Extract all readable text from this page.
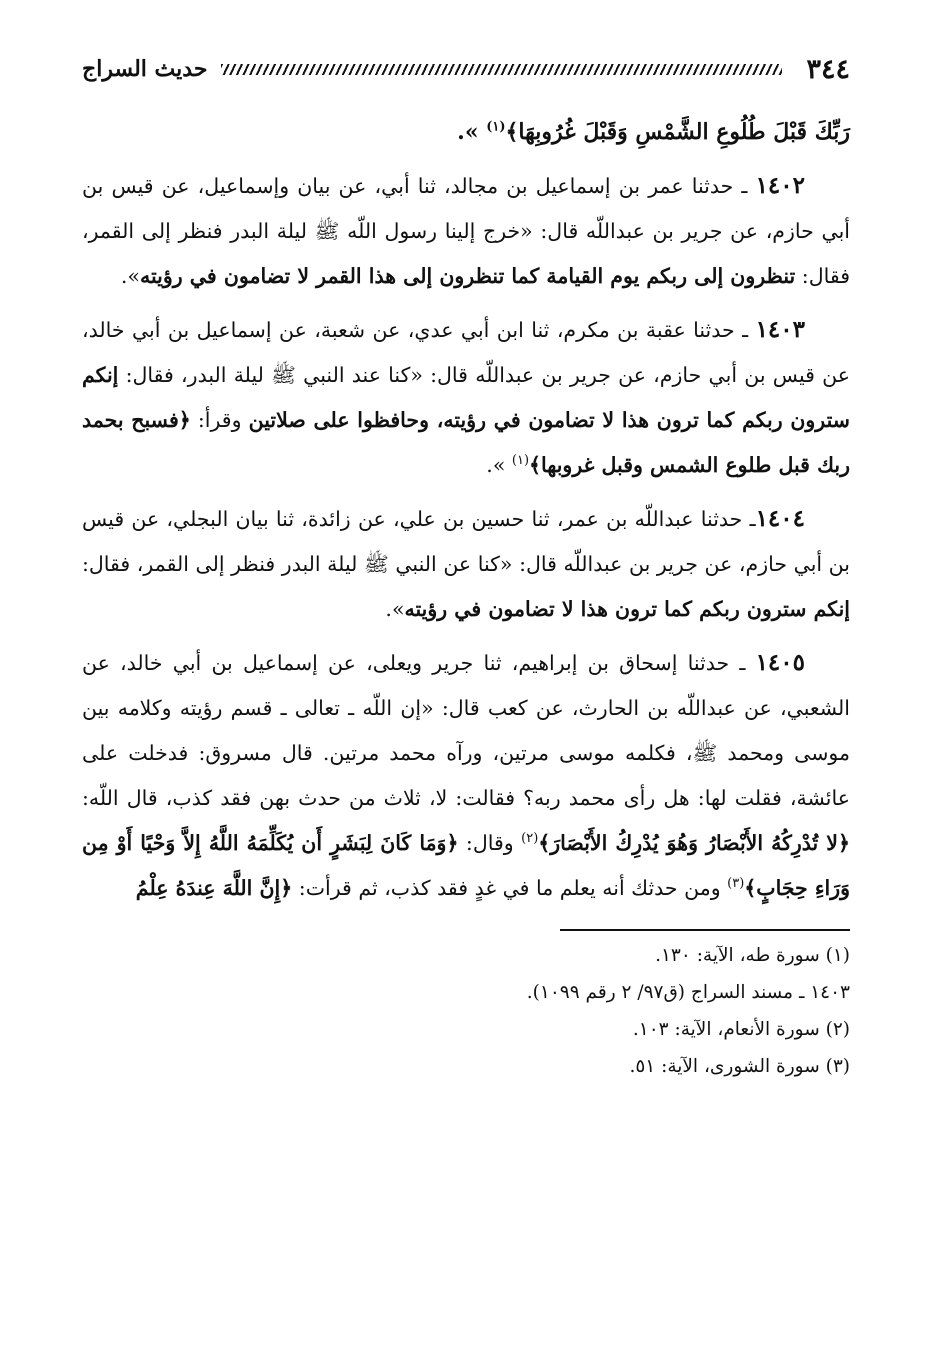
٣٤٤
حديث السراج

رَبِّكَ قَبْلَ طُلُوعِ الشَّمْسِ وَقَبْلَ غُرُوبِهَا﴾$^{(١)}$ ».

١٤٠٢ ـ حدثنا عمر بن إسماعيل بن مجالد، ثنا أبي، عن بيان وإسماعيل، عن قيس بن أبي حازم، عن جرير بن عبداللّه قال: «خرج إلينا رسول اللّه ﷺ ليلة البدر فنظر إلى القمر، فقال: تنظرون إلى ربكم يوم القيامة كما تنظرون إلى هذا القمر لا تضامون في رؤيته».

١٤٠٣ ـ حدثنا عقبة بن مكرم، ثنا ابن أبي عدي، عن شعبة، عن إسماعيل بن أبي خالد، عن قيس بن أبي حازم، عن جرير بن عبداللّه قال: «كنا عند النبي ﷺ ليلة البدر، فقال: إنكم سترون ربكم كما ترون هذا لا تضامون في رؤيته، وحافظوا على صلاتين وقرأ: ﴿فسبح بحمد ربك قبل طلوع الشمس وقبل غروبها﴾$^{(١)}$ ».

١٤٠٤ـ حدثنا عبداللّه بن عمر، ثنا حسين بن علي، عن زائدة، ثنا بيان البجلي، عن قيس بن أبي حازم، عن جرير بن عبداللّه قال: «كنا عن النبي ﷺ ليلة البدر فنظر إلى القمر، فقال: إنكم سترون ربكم كما ترون هذا لا تضامون في رؤيته».

١٤٠٥ ـ حدثنا إسحاق بن إبراهيم، ثنا جرير ويعلى، عن إسماعيل بن أبي خالد، عن الشعبي، عن عبداللّه بن الحارث، عن كعب قال: «إن اللّه ـ تعالى ـ قسم رؤيته وكلامه بين موسى ومحمد ﷺ، فكلمه موسى مرتين، ورآه محمد مرتين. قال مسروق: فدخلت على عائشة، فقلت لها: هل رأى محمد ربه؟ فقالت: لا، ثلاث من حدث بهن فقد كذب، قال اللّه: ﴿لا تُدْرِكُهُ الأَبْصَارُ وَهُوَ يُدْرِكُ الأَبْصَارَ﴾$^{(٢)}$ وقال: ﴿وَمَا كَانَ لِبَشَرٍ أَن يُكَلِّمَهُ اللَّهُ إِلاَّ وَحْيًا أَوْ مِن وَرَاءِ حِجَابٍ﴾$^{(٣)}$ ومن حدثك أنه يعلم ما في غدٍ فقد كذب، ثم قرأت: ﴿إِنَّ اللَّهَ عِندَهُ عِلْمُ

(١) سورة طه، الآية: ١٣٠.

١٤٠٣ ـ مسند السراج (ق٩٧/ ٢ رقم ١٠٩٩).

(٢) سورة الأنعام، الآية: ١٠٣.

(٣) سورة الشورى، الآية: ٥١.
